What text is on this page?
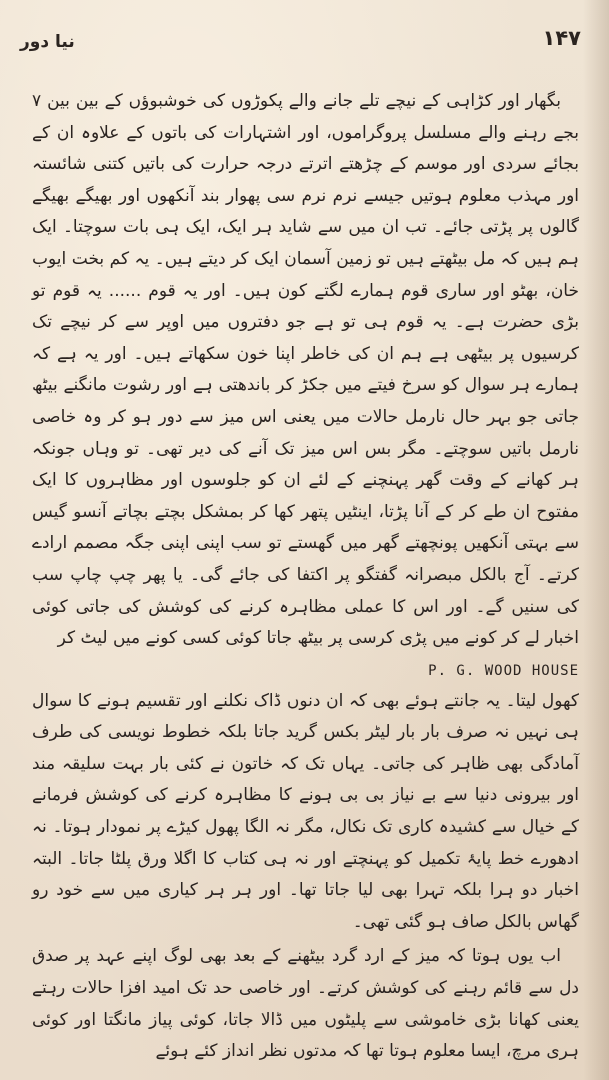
نیا دور	۱۴۷

بگھار اور کڑاہی کے نیچے تلے جانے والے پکوڑوں کی خوشبوؤں کے بین بین ۷ بجے رہنے والے مسلسل پروگراموں، اور اشتہارات کی باتوں کے علاوہ ان کے بجائے سردی اور موسم کے چڑھتے اترتے درجہ حرارت کی باتیں کتنی شائستہ اور مہذب معلوم ہوتیں جیسے نرم نرم سی پھوار بند آنکھوں اور بھیگے بھیگے گالوں پر پڑتی جائے۔ تب ان میں سے شاید ہر ایک، ایک ہی بات سوچتا۔ ایک ہم ہیں کہ مل بیٹھتے ہیں تو زمین آسمان ایک کر دیتے ہیں۔ یہ کم بخت ایوب خان، بھٹو اور ساری قوم ہمارے لگتے کون ہیں۔ اور یہ قوم ...... یہ قوم تو بڑی حضرت ہے۔ یہ قوم ہی تو ہے جو دفتروں میں اوپر سے کر نیچے تک کرسیوں پر بیٹھی ہے ہم ان کی خاطر اپنا خون سکھاتے ہیں۔ اور یہ ہے کہ ہمارے ہر سوال کو سرخ فیتے میں جکڑ کر باندھتی ہے اور رشوت مانگنے بیٹھ جاتی جو بہر حال نارمل حالات میں یعنی اس میز سے دور ہو کر وہ خاصی نارمل باتیں سوچتے۔ مگر بس اس میز تک آنے کی دیر تھی۔ تو وہاں جونکہ ہر کھانے کے وقت گھر پہنچنے کے لئے ان کو جلوسوں اور مظاہروں کا ایک مفتوح ان طے کر کے آنا پڑتا، اینٹیں پتھر کھا کر بمشکل بچتے بچاتے آنسو گیس سے بہتی آنکھیں پونچھتے گھر میں گھستے تو سب اپنی اپنی جگہ مصمم ارادے کرتے۔ آج بالکل مبصرانہ گفتگو پر اکتفا کی جائے گی۔ یا پھر چپ چاپ سب کی سنیں گے۔ اور اس کا عملی مظاہرہ کرنے کی کوشش کی جاتی کوئی اخبار لے کر کونے میں پڑی کرسی پر بیٹھ جاتا کوئی کسی کونے میں لیٹ کر

P. G. WOOD HOUSE

کھول لیتا۔ یہ جانتے ہوئے بھی کہ ان دنوں ڈاک نکلنے اور تقسیم ہونے کا سوال ہی نہیں نہ صرف بار بار لیٹر بکس گرید جاتا بلکہ خطوط نویسی کی طرف آمادگی بھی ظاہر کی جاتی۔ یہاں تک کہ خاتون نے کئی بار بہت سلیقہ مند اور بیرونی دنیا سے بے نیاز بی بی ہونے کا مظاہرہ کرنے کی کوشش فرمانے کے خیال سے کشیدہ کاری تک نکال، مگر نہ الگا پھول کیڑے پر نمودار ہوتا۔ نہ ادھورے خط پایۂ تکمیل کو پہنچتے اور نہ ہی کتاب کا اگلا ورق پلٹا جاتا۔ البتہ اخبار دو ہرا بلکہ تہرا بھی لیا جاتا تھا۔ اور ہر ہر کیاری میں سے خود رو گھاس بالکل صاف ہو گئی تھی۔

اب یوں ہوتا کہ میز کے ارد گرد بیٹھنے کے بعد بھی لوگ اپنے عہد پر صدق دل سے قائم رہنے کی کوشش کرتے۔ اور خاصی حد تک امید افزا حالات رہتے یعنی کھانا بڑی خاموشی سے پلیٹوں میں ڈالا جاتا، کوئی پیاز مانگتا اور کوئی ہری مرچ، ایسا معلوم ہوتا تھا کہ مدتوں نظر انداز کئے ہوئے
